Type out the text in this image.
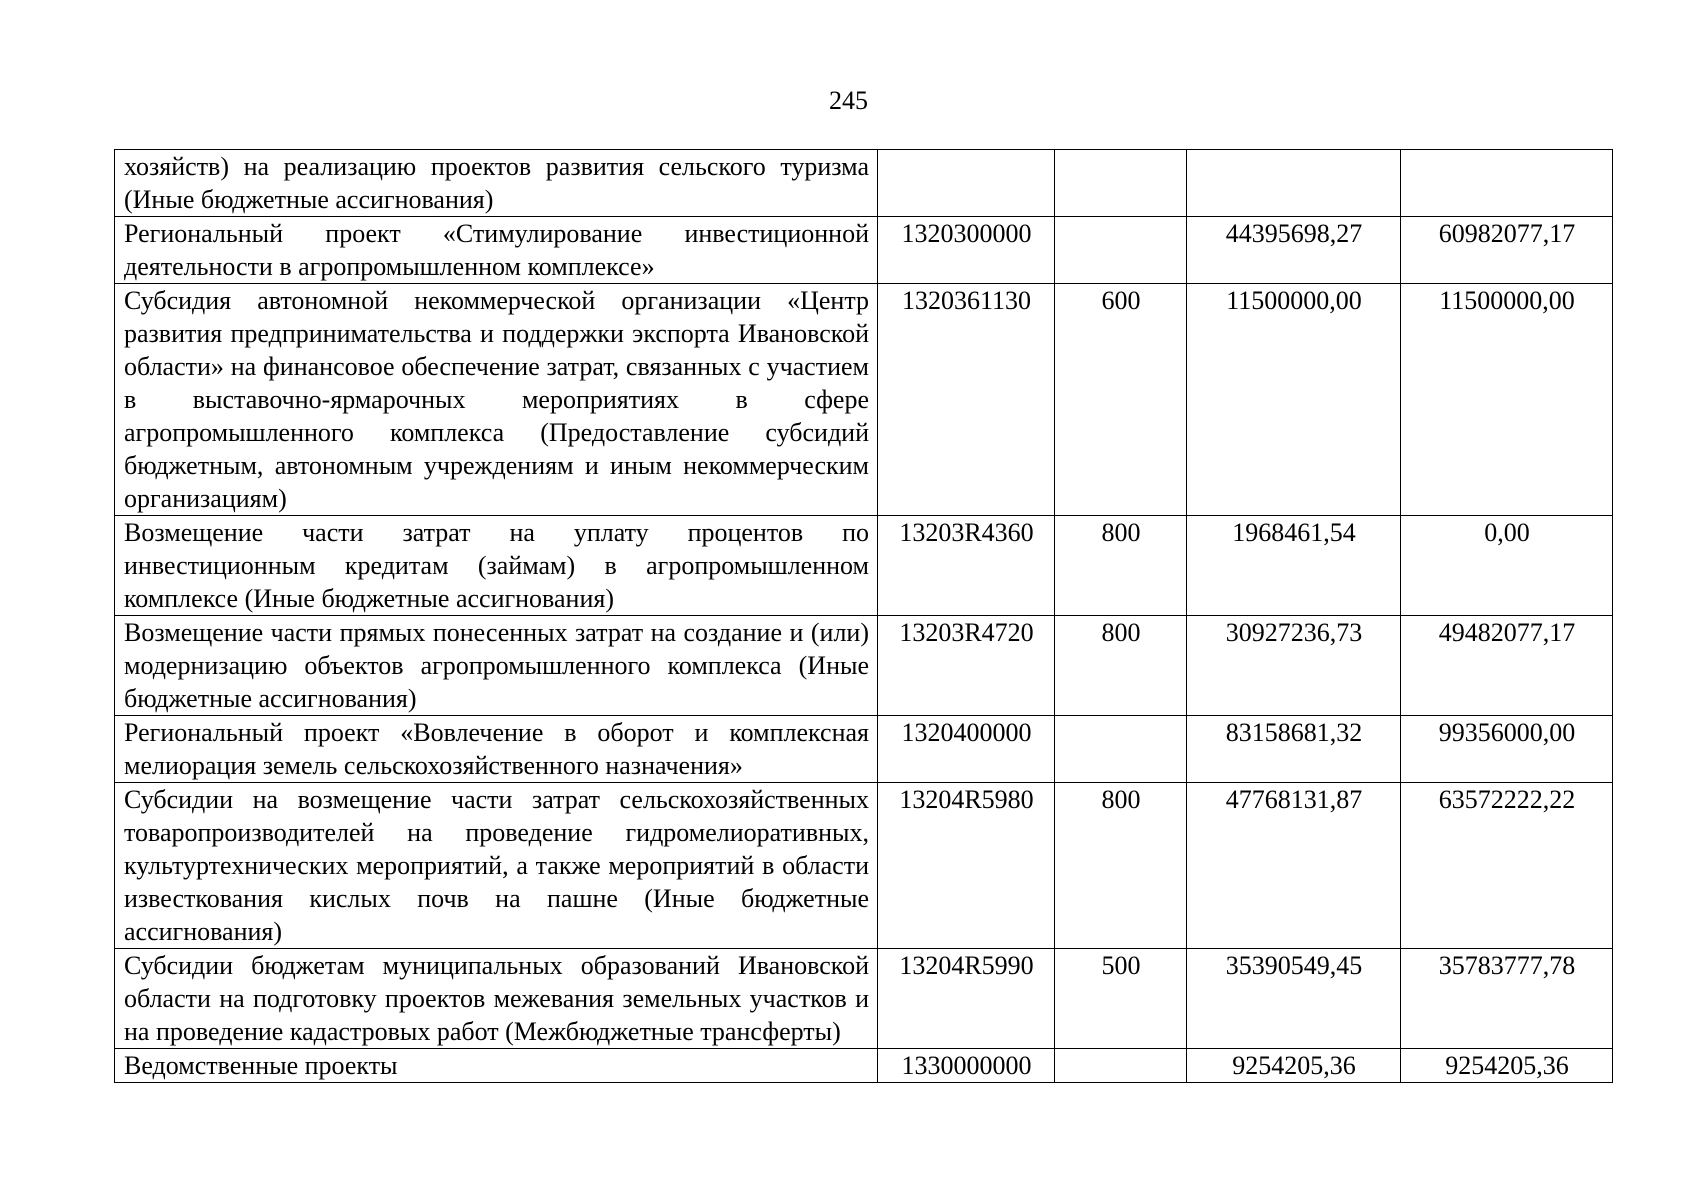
245
хозяйств) на реализацию проектов развития сельского туризма (Иные бюджетные ассигнования)				
Региональный проект «Стимулирование инвестиционной деятельности в агропромышленном комплексе»	1320300000		44395698,27	60982077,17
Субсидия автономной некоммерческой организации «Центр развития предпринимательства и поддержки экспорта Ивановской области» на финансовое обеспечение затрат, связанных с участием в выставочно-ярмарочных мероприятиях в сфере агропромышленного комплекса (Предоставление субсидий бюджетным, автономным учреждениям и иным некоммерческим организациям)	1320361130	600	11500000,00	11500000,00
Возмещение части затрат на уплату процентов по инвестиционным кредитам (займам) в агропромышленном комплексе (Иные бюджетные ассигнования)	13203R4360	800	1968461,54	0,00
Возмещение части прямых понесенных затрат на создание и (или) модернизацию объектов агропромышленного комплекса (Иные бюджетные ассигнования)	13203R4720	800	30927236,73	49482077,17
Региональный проект «Вовлечение в оборот и комплексная мелиорация земель сельскохозяйственного назначения»	1320400000		83158681,32	99356000,00
Субсидии на возмещение части затрат сельскохозяйственных товаропроизводителей на проведение гидромелиоративных, культуртехнических мероприятий, а также мероприятий в области известкования кислых почв на пашне (Иные бюджетные ассигнования)	13204R5980	800	47768131,87	63572222,22
Субсидии бюджетам муниципальных образований Ивановской области на подготовку проектов межевания земельных участков и на проведение кадастровых работ (Межбюджетные трансферты)	13204R5990	500	35390549,45	35783777,78
Ведомственные проекты	1330000000		9254205,36	9254205,36
